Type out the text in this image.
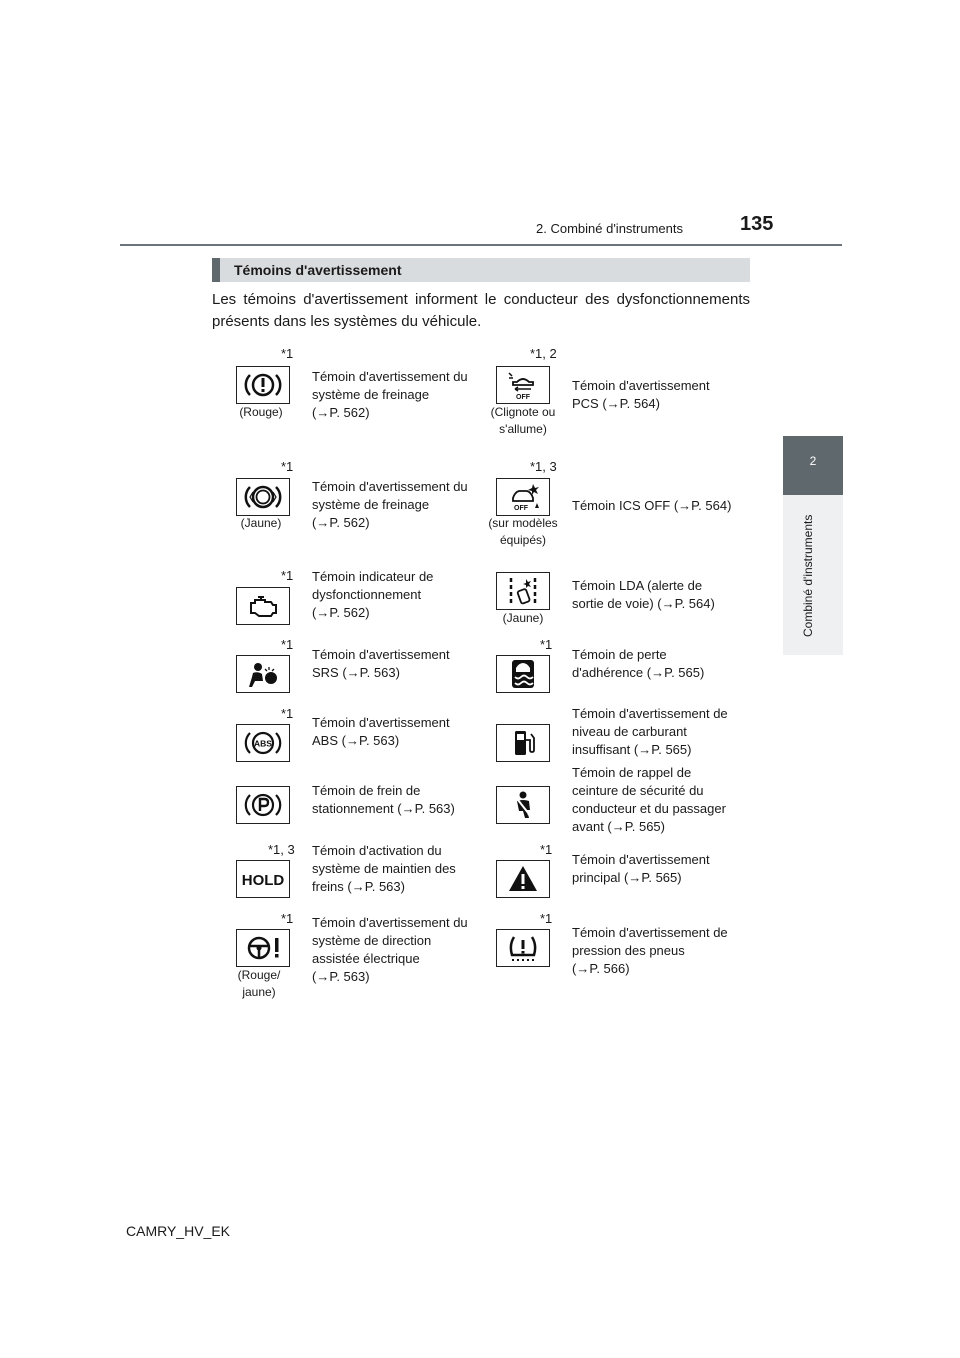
2. Combiné d'instruments	135
2
Combiné d'instruments
Témoins d'avertissement
Les témoins d'avertissement informent le conducteur des dysfonctionnements présents dans les systèmes du véhicule.
*1
(Rouge)
Témoin d'avertissement du
système de freinage
(→P. 562)
*1, 2
OFF
(Clignote ou s'allume)
Témoin d'avertissement
PCS (→P. 564)
*1
(Jaune)
Témoin d'avertissement du
système de freinage
(→P. 562)
*1, 3
OFF
(sur modèles équipés)
Témoin ICS OFF (→P. 564)
*1 Témoin indicateur de
dysfonctionnement
(→P. 562)	(Jaune)
Témoin LDA (alerte de
sortie de voie) (→P. 564)
*1
Témoin d'avertissement
SRS (→P. 563)
*1
Témoin de perte
d'adhérence (→P. 565)
*1
ABS
Témoin d'avertissement
ABS (→P. 563)
Témoin d'avertissement de
niveau de carburant
insuffisant (→P. 565)
Témoin de frein de
stationnement (→P. 563)
Témoin de rappel de
ceinture de sécurité du
conducteur et du passager
avant (→P. 565)
*1, 3
HOLD
Témoin d'activation du
système de maintien des
freins (→P. 563)
*1
Témoin d'avertissement
principal (→P. 565)
*1
(Rouge/ jaune)
Témoin d'avertissement du
système de direction
assistée électrique
(→P. 563)
*1
Témoin d'avertissement de
pression des pneus
(→P. 566)
CAMRY_HV_EK
